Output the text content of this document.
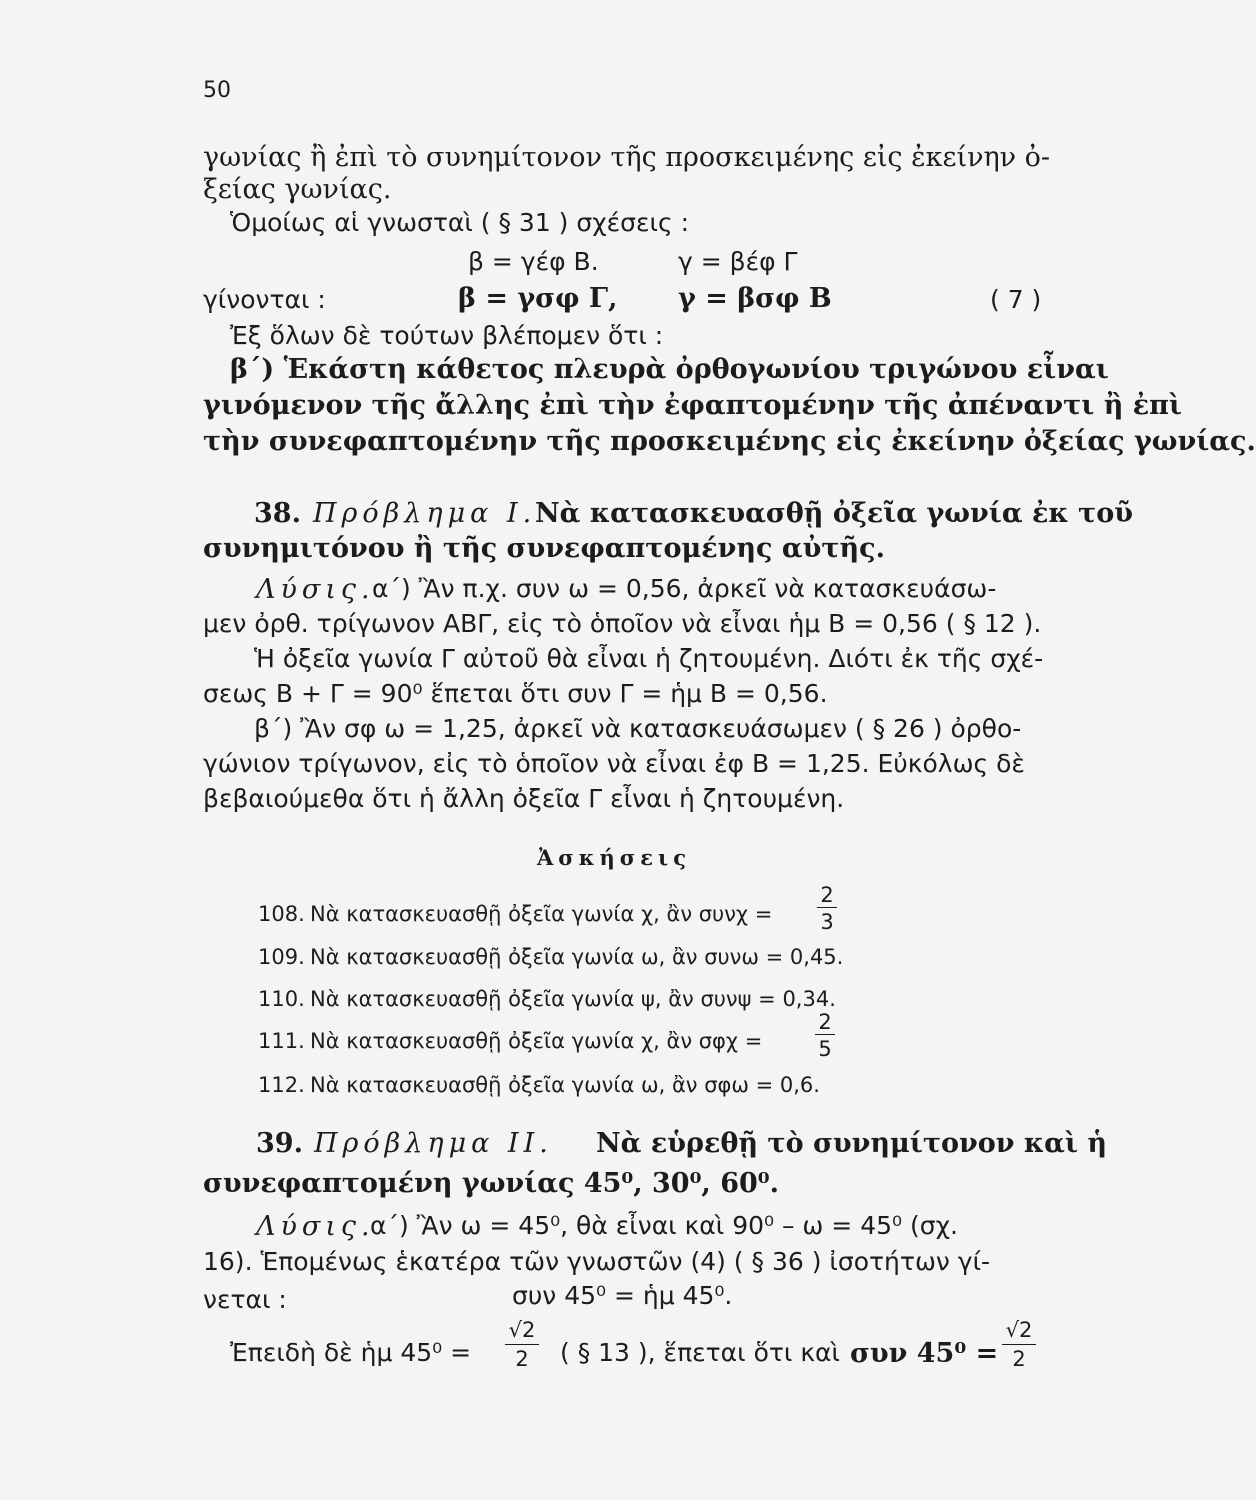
50
γωνίας ἢ ἐπὶ τὸ συνημίτονον τῆς προσκειμένης εἰς ἐκείνην ὀ-
ξείας γωνίας.
Ὁμοίως αἱ γνωσταὶ ( § 31 ) σχέσεις :
β = γέφ Β.	γ = βέφ Γ
γίνονται :	β = γσφ Γ, γ = βσφ Β	( 7 )
Ἐξ ὅλων δὲ τούτων βλέπομεν ὅτι :
β΄) Ἑκάστη κάθετος πλευρὰ ὀρθογωνίου τριγώνου εἶναι
γινόμενον τῆς ἄλλης ἐπὶ τὴν ἐφαπτομένην τῆς ἀπέναντι ἢ ἐπὶ
τὴν συνεφαπτομένην τῆς προσκειμένης εἰς ἐκείνην ὀξείας γωνίας.
38. Πρόβλημα Ι.
Νὰ κατασκευασθῇ ὀξεῖα γωνία ἐκ τοῦ
συνημιτόνου ἢ τῆς συνεφαπτομένης αὐτῆς.
Λύσις.
α΄) Ἂν π.χ. συν ω = 0,56, ἀρκεῖ νὰ κατασκευάσω-
μεν ὀρθ. τρίγωνον ΑΒΓ, εἰς τὸ ὁποῖον νὰ εἶναι ἡμ Β = 0,56 ( § 12 ).
Ἡ ὀξεῖα γωνία Γ αὐτοῦ θὰ εἶναι ἡ ζητουμένη. Διότι ἐκ τῆς σχέ-
σεως Β + Γ = 90⁰ ἕπεται ὅτι συν Γ = ἡμ Β = 0,56.
β΄) Ἂν σφ ω = 1,25, ἀρκεῖ νὰ κατασκευάσωμεν ( § 26 ) ὀρθο-
γώνιον τρίγωνον, εἰς τὸ ὁποῖον νὰ εἶναι ἐφ Β = 1,25. Εὐκόλως δὲ
βεβαιούμεθα ὅτι ἡ ἄλλη ὀξεῖα Γ εἶναι ἡ ζητουμένη.
Ἀσκήσεις
108. Νὰ κατασκευασθῇ ὀξεῖα γωνία χ, ἂν συνχ =
2
3
109. Νὰ κατασκευασθῇ ὀξεῖα γωνία ω, ἂν συνω = 0,45.
110. Νὰ κατασκευασθῇ ὀξεῖα γωνία ψ, ἂν συνψ = 0,34.
111. Νὰ κατασκευασθῇ ὀξεῖα γωνία χ, ἂν σφχ =
2
5
112. Νὰ κατασκευασθῇ ὀξεῖα γωνία ω, ἂν σφω = 0,6.
39. Πρόβλημα ΙΙ. Νὰ εὑρεθῇ τὸ συνημίτονον καὶ ἡ
συνεφαπτομένη γωνίας 45⁰, 30⁰, 60⁰.
Λύσις.
α΄) Ἂν ω = 45⁰, θὰ εἶναι καὶ 90⁰ – ω = 45⁰ (σχ.
16). Ἑπομένως ἑκατέρα τῶν γνωστῶν (4) ( § 36 ) ἰσοτήτων γί-
νεται :	συν 45⁰ = ἡμ 45⁰.
Ἐπειδὴ δὲ ἡμ 45⁰ =
√2
2	( § 13 ), ἕπεται ὅτι καὶ συν 45⁰ =
√2
2
